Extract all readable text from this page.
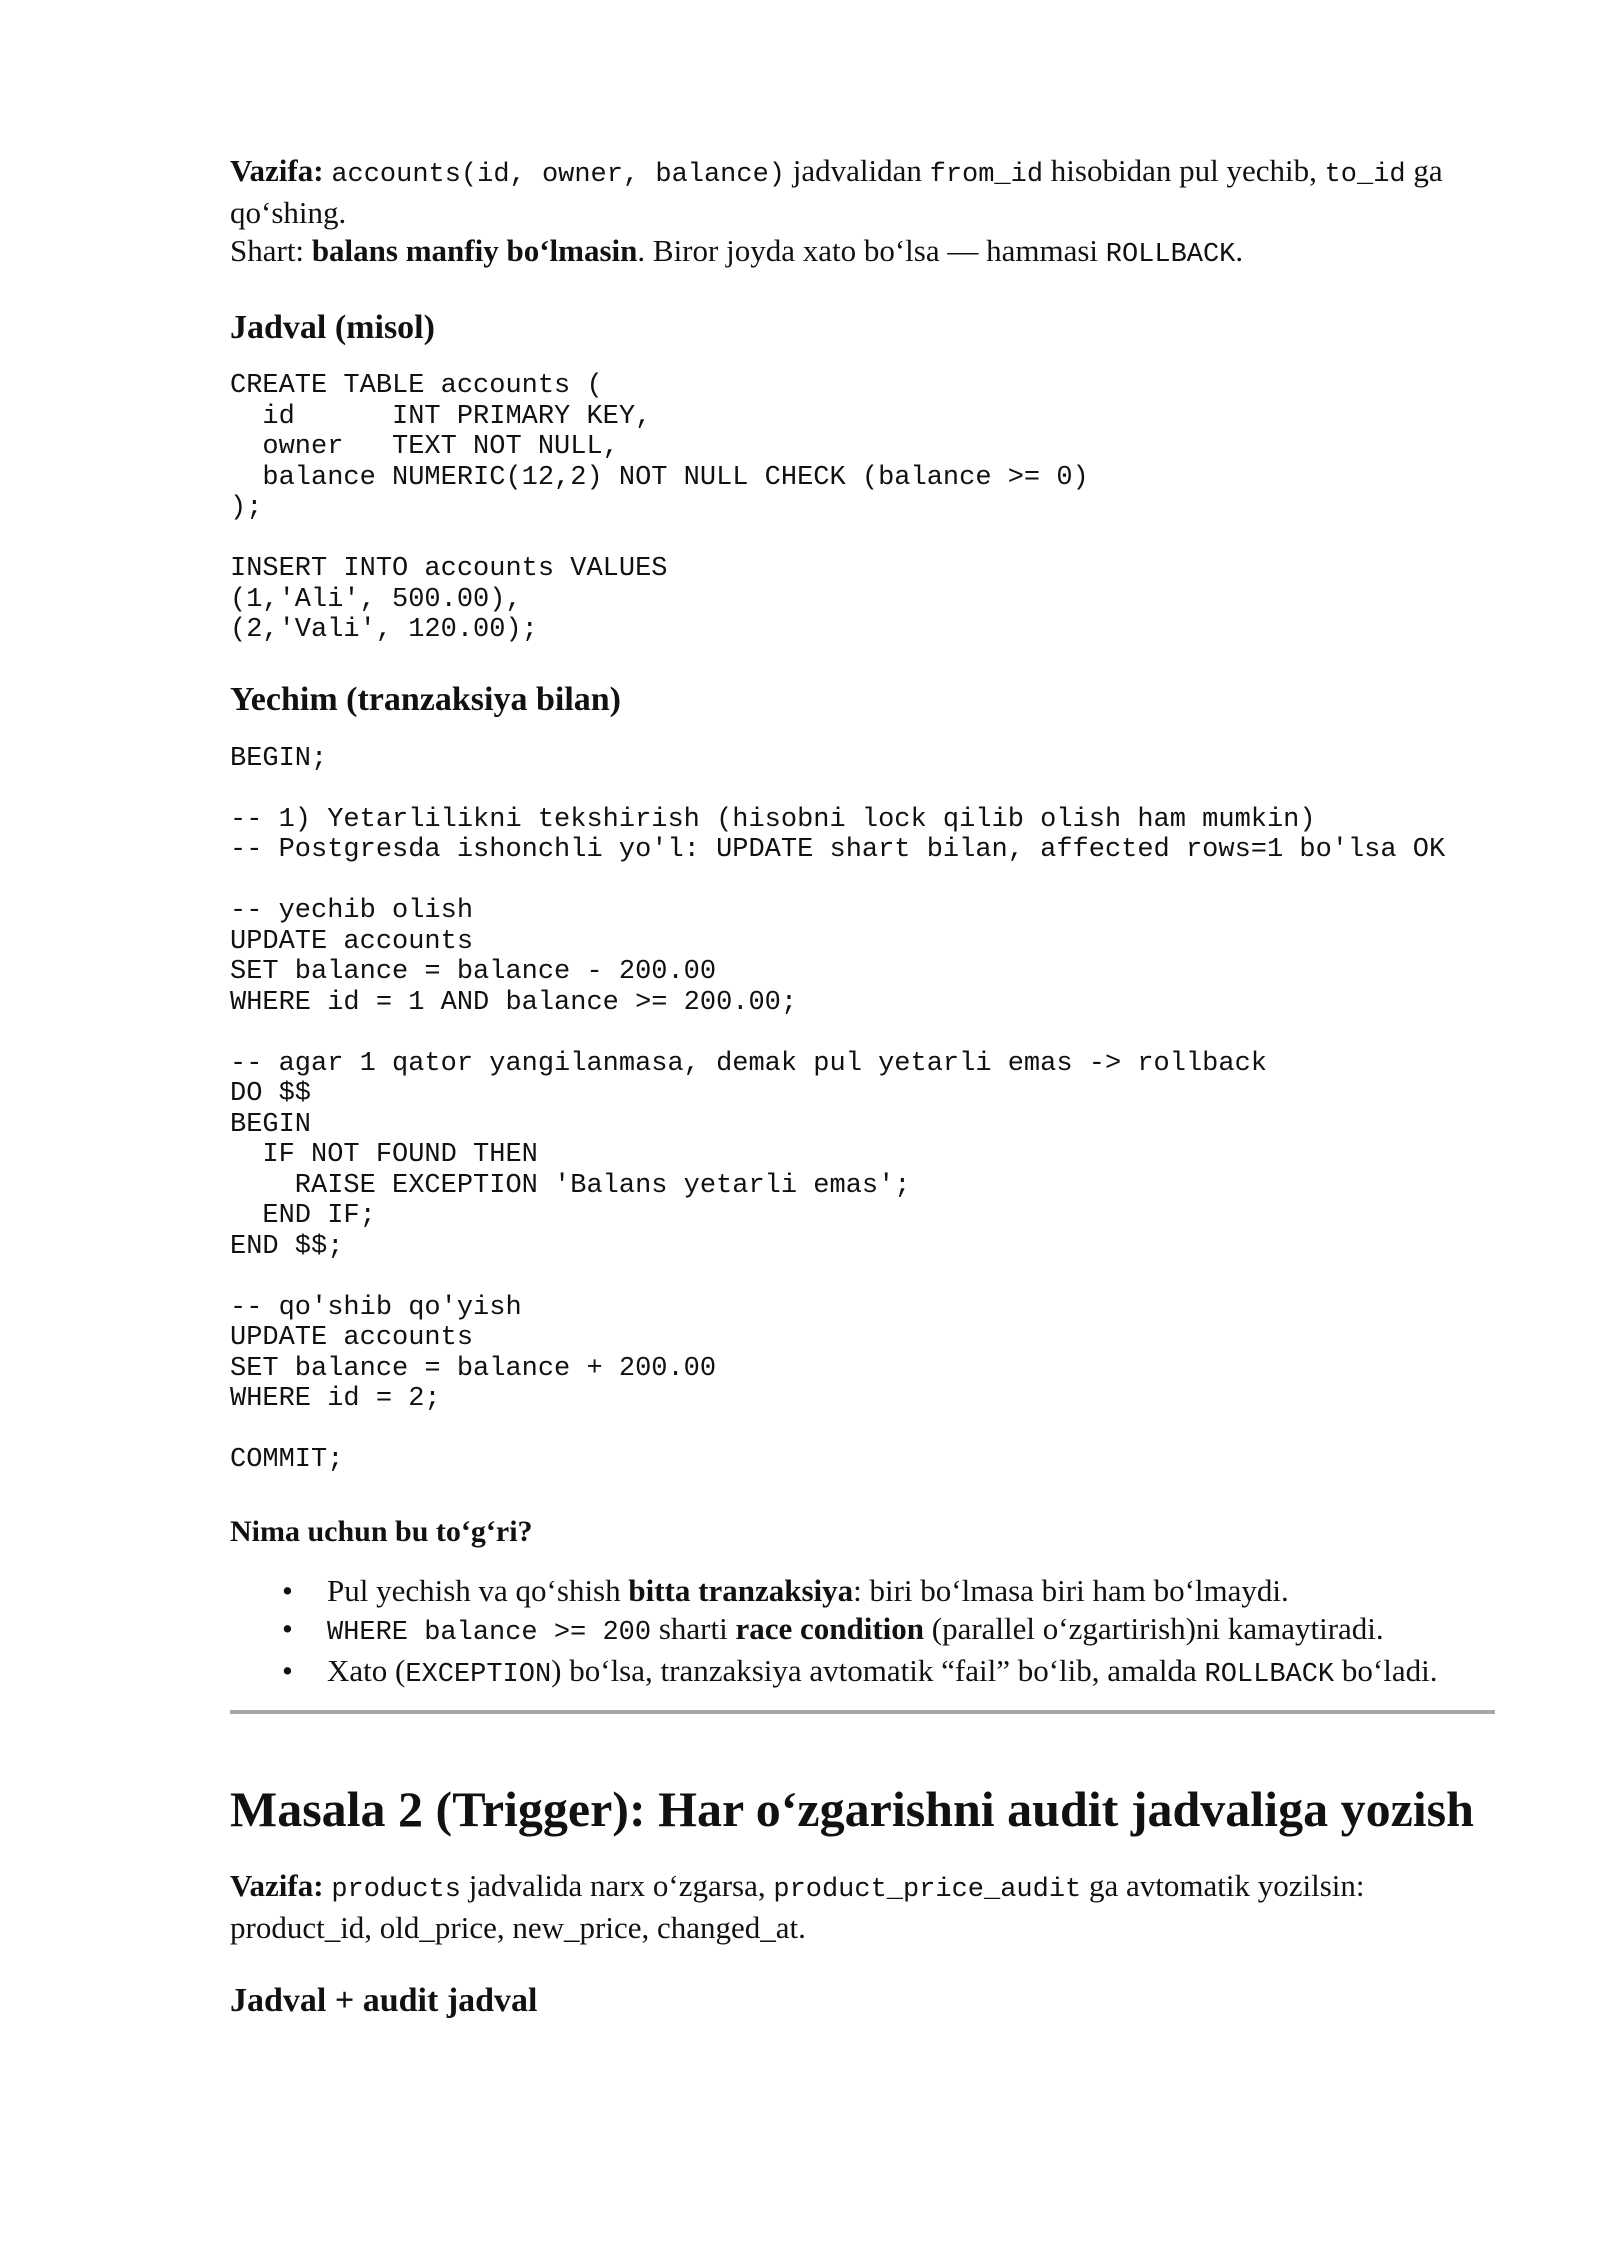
Vazifa: accounts(id, owner, balance) jadvalidan from_id hisobidan pul yechib, to_id ga qo‘shing.

Shart: balans manfiy bo‘lmasin. Biror joyda xato bo‘lsa — hammasi ROLLBACK.

Jadval (misol)
CREATE TABLE accounts (
id      INT PRIMARY KEY,
owner   TEXT NOT NULL,
balance NUMERIC(12,2) NOT NULL CHECK (balance >= 0)
);

INSERT INTO accounts VALUES
(1,'Ali', 500.00),
(2,'Vali', 120.00);
Yechim (tranzaksiya bilan)
BEGIN;

-- 1) Yetarlilikni tekshirish (hisobni lock qilib olish ham mumkin)
-- Postgresda ishonchli yo'l: UPDATE shart bilan, affected rows=1 bo'lsa OK

-- yechib olish
UPDATE accounts
SET balance = balance - 200.00
WHERE id = 1 AND balance >= 200.00;

-- agar 1 qator yangilanmasa, demak pul yetarli emas -> rollback
DO $$
BEGIN
IF NOT FOUND THEN
RAISE EXCEPTION 'Balans yetarli emas';
END IF;
END $$;

-- qo'shib qo'yish
UPDATE accounts
SET balance = balance + 200.00
WHERE id = 2;

COMMIT;
Nima uchun bu to‘g‘ri?
• Pul yechish va qo‘shish bitta tranzaksiya: biri bo‘lmasa biri ham bo‘lmaydi.
• WHERE balance >= 200 sharti race condition (parallel o‘zgartirish)ni kamaytiradi.
• Xato (EXCEPTION) bo‘lsa, tranzaksiya avtomatik “fail” bo‘lib, amalda ROLLBACK bo‘ladi.
Masala 2 (Trigger): Har o‘zgarishni audit jadvaliga yozish

Vazifa: products jadvalida narx o‘zgarsa, product_price_audit ga avtomatik yozilsin: product_id, old_price, new_price, changed_at.

Jadval + audit jadval
